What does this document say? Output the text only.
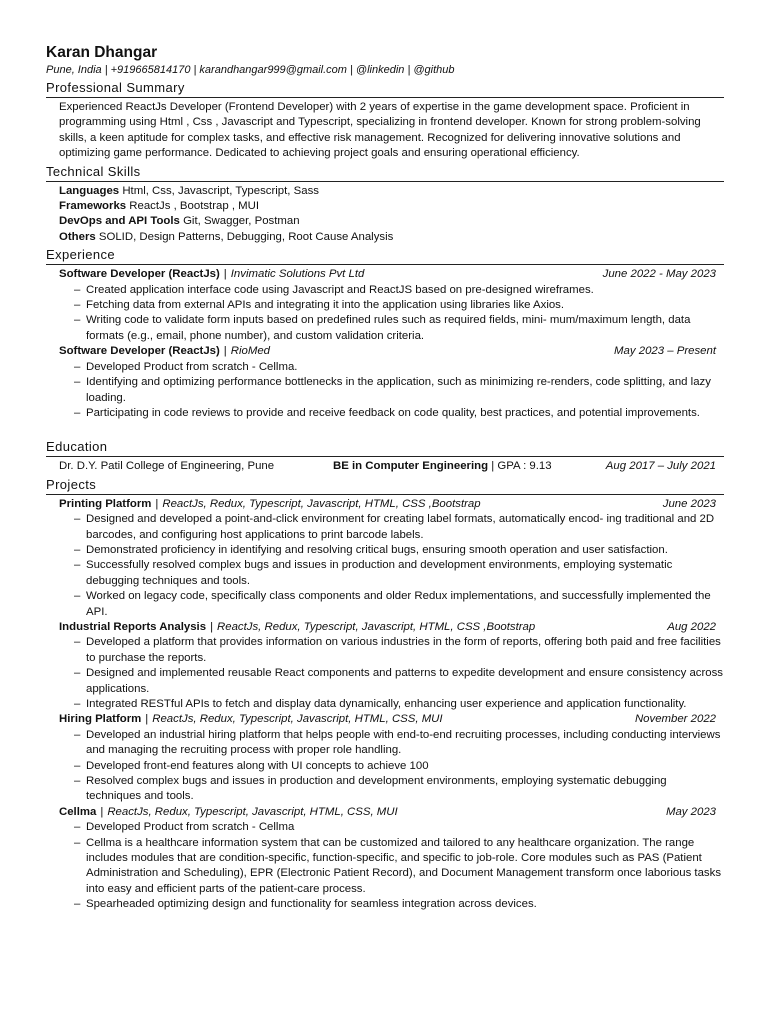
Karan Dhangar
Pune, India | +919665814170 | karandhangar999@gmail.com | @linkedin | @github
Professional Summary
Experienced ReactJs Developer (Frontend Developer) with 2 years of expertise in the game development space. Proficient in programming using Html , Css , Javascript and Typescript, specializing in frontend developer. Known for strong problem-solving skills, a keen aptitude for complex tasks, and effective risk management. Recognized for delivering innovative solutions and optimizing game performance. Dedicated to achieving project goals and ensuring operational efficiency.
Technical Skills
Languages Html, Css, Javascript, Typescript, Sass
Frameworks ReactJs , Bootstrap , MUI
DevOps and API Tools Git, Swagger, Postman
Others SOLID, Design Patterns, Debugging, Root Cause Analysis
Experience
Software Developer (ReactJs) | Invimatic Solutions Pvt Ltd	June 2022 - May 2023
– Created application interface code using Javascript and ReactJS based on pre-designed wireframes.
– Fetching data from external APIs and integrating it into the application using libraries like Axios.
– Writing code to validate form inputs based on predefined rules such as required fields, mini- mum/maximum length, data formats (e.g., email, phone number), and custom validation criteria.
Software Developer (ReactJs) | RioMed	May 2023 – Present
– Developed Product from scratch - Cellma.
– Identifying and optimizing performance bottlenecks in the application, such as minimizing re-renders, code splitting, and lazy loading.
– Participating in code reviews to provide and receive feedback on code quality, best practices, and potential improvements.
Education
Dr. D.Y. Patil College of Engineering, Pune	BE in Computer Engineering | GPA : 9.13	Aug 2017 – July 2021
Projects
Printing Platform | ReactJs, Redux, Typescript, Javascript, HTML, CSS ,Bootstrap	June 2023
– Designed and developed a point-and-click environment for creating label formats, automatically encod- ing traditional and 2D barcodes, and configuring host applications to print barcode labels.
– Demonstrated proficiency in identifying and resolving critical bugs, ensuring smooth operation and user satisfaction.
– Successfully resolved complex bugs and issues in production and development environments, employing systematic debugging techniques and tools.
– Worked on legacy code, specifically class components and older Redux implementations, and successfully implemented the API.
Industrial Reports Analysis | ReactJs, Redux, Typescript, Javascript, HTML, CSS ,Bootstrap	Aug 2022
– Developed a platform that provides information on various industries in the form of reports, offering both paid and free facilities to purchase the reports.
– Designed and implemented reusable React components and patterns to expedite development and ensure consistency across applications.
– Integrated RESTful APIs to fetch and display data dynamically, enhancing user experience and application functionality.
Hiring Platform | ReactJs, Redux, Typescript, Javascript, HTML, CSS, MUI	November 2022
– Developed an industrial hiring platform that helps people with end-to-end recruiting processes, including conducting interviews and managing the recruiting process with proper role handling.
– Developed front-end features along with UI concepts to achieve 100
– Resolved complex bugs and issues in production and development environments, employing systematic debugging techniques and tools.
Cellma | ReactJs, Redux, Typescript, Javascript, HTML, CSS, MUI	May 2023
– Developed Product from scratch - Cellma
– Cellma is a healthcare information system that can be customized and tailored to any healthcare organization. The range includes modules that are condition-specific, function-specific, and specific to job-role. Core modules such as PAS (Patient Administration and Scheduling), EPR (Electronic Patient Record), and Document Management transform once laborious tasks into easy and efficient parts of the patient-care process.
– Spearheaded optimizing design and functionality for seamless integration across devices.
